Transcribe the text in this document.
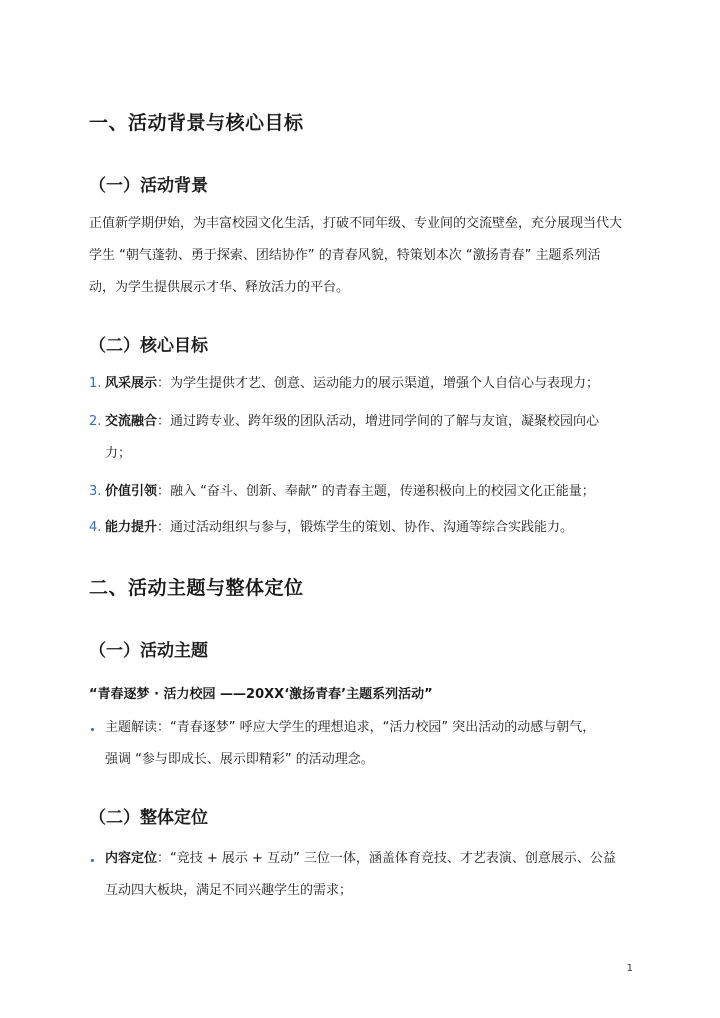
一、活动背景与核心目标
（一）活动背景
正值新学期伊始，为丰富校园文化生活，打破不同年级、专业间的交流壁垒，充分展现当代大
学生 “朝气蓬勃、勇于探索、团结协作” 的青春风貌，特策划本次 “激扬青春” 主题系列活
动，为学生提供展示才华、释放活力的平台。
（二）核心目标
1. 风采展示：为学生提供才艺、创意、运动能力的展示渠道，增强个人自信心与表现力；
2. 交流融合：通过跨专业、跨年级的团队活动，增进同学间的了解与友谊，凝聚校园向心
力；
3. 价值引领：融入 “奋斗、创新、奉献” 的青春主题，传递积极向上的校园文化正能量；
4. 能力提升：通过活动组织与参与，锻炼学生的策划、协作、沟通等综合实践能力。
二、活动主题与整体定位
（一）活动主题
“青春逐梦 · 活力校园 ——20XX‘激扬青春’主题系列活动”
主题解读：“青春逐梦” 呼应大学生的理想追求，“活力校园” 突出活动的动感与朝气，
强调 “参与即成长、展示即精彩” 的活动理念。
（二）整体定位
内容定位：“竞技 + 展示 + 互动” 三位一体，涵盖体育竞技、才艺表演、创意展示、公益
互动四大板块，满足不同兴趣学生的需求；
1
